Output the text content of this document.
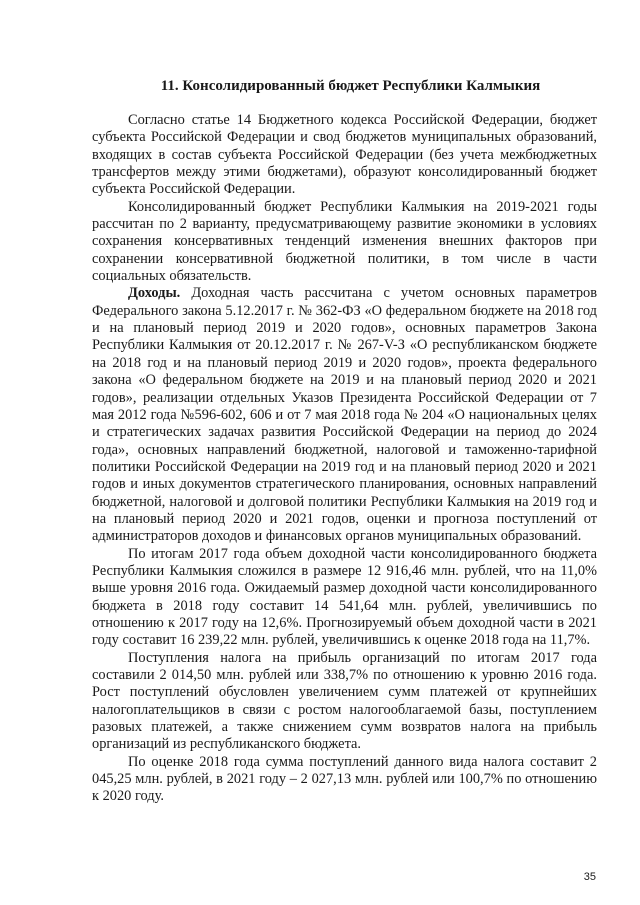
11. Консолидированный бюджет Республики Калмыкия

Согласно статье 14 Бюджетного кодекса Российской Федерации, бюджет субъекта Российской Федерации и свод бюджетов муниципальных образований, входящих в состав субъекта Российской Федерации (без учета межбюджетных трансфертов между этими бюджетами), образуют консолидированный бюджет субъекта Российской Федерации.

Консолидированный бюджет Республики Калмыкия на 2019-2021 годы рассчитан по 2 варианту, предусматривающему развитие экономики в условиях сохранения консервативных тенденций изменения внешних факторов при сохранении консервативной бюджетной политики, в том числе в части социальных обязательств.

Доходы. Доходная часть рассчитана с учетом основных параметров Федерального закона 5.12.2017 г. № 362-ФЗ «О федеральном бюджете на 2018 год и на плановый период 2019 и 2020 годов», основных параметров Закона Республики Калмыкия от 20.12.2017 г. № 267-V-З «О республиканском бюджете на 2018 год и на плановый период 2019 и 2020 годов», проекта федерального закона «О федеральном бюджете на 2019 и на плановый период 2020 и 2021 годов», реализации отдельных Указов Президента Российской Федерации от 7 мая 2012 года №596-602, 606 и от 7 мая 2018 года № 204 «О национальных целях и стратегических задачах развития Российской Федерации на период до 2024 года», основных направлений бюджетной, налоговой и таможенно-тарифной политики Российской Федерации на 2019 год и на плановый период 2020 и 2021 годов и иных документов стратегического планирования, основных направлений бюджетной, налоговой и долговой политики Республики Калмыкия на 2019 год и на плановый период 2020 и 2021 годов, оценки и прогноза поступлений от администраторов доходов и финансовых органов муниципальных образований.

По итогам 2017 года объем доходной части консолидированного бюджета Республики Калмыкия сложился в размере 12 916,46 млн. рублей, что на 11,0% выше уровня 2016 года. Ожидаемый размер доходной части консолидированного бюджета в 2018 году составит 14 541,64 млн. рублей, увеличившись по отношению к 2017 году на 12,6%. Прогнозируемый объем доходной части в 2021 году составит 16 239,22 млн. рублей, увеличившись к оценке 2018 года на 11,7%.

Поступления налога на прибыль организаций по итогам 2017 года составили 2 014,50 млн. рублей или 338,7% по отношению к уровню 2016 года. Рост поступлений обусловлен увеличением сумм платежей от крупнейших налогоплательщиков в связи с ростом налогооблагаемой базы, поступлением разовых платежей, а также снижением сумм возвратов налога на прибыль организаций из республиканского бюджета.

По оценке 2018 года сумма поступлений данного вида налога составит 2 045,25 млн. рублей, в 2021 году – 2 027,13 млн. рублей или 100,7% по отношению к 2020 году.

35
